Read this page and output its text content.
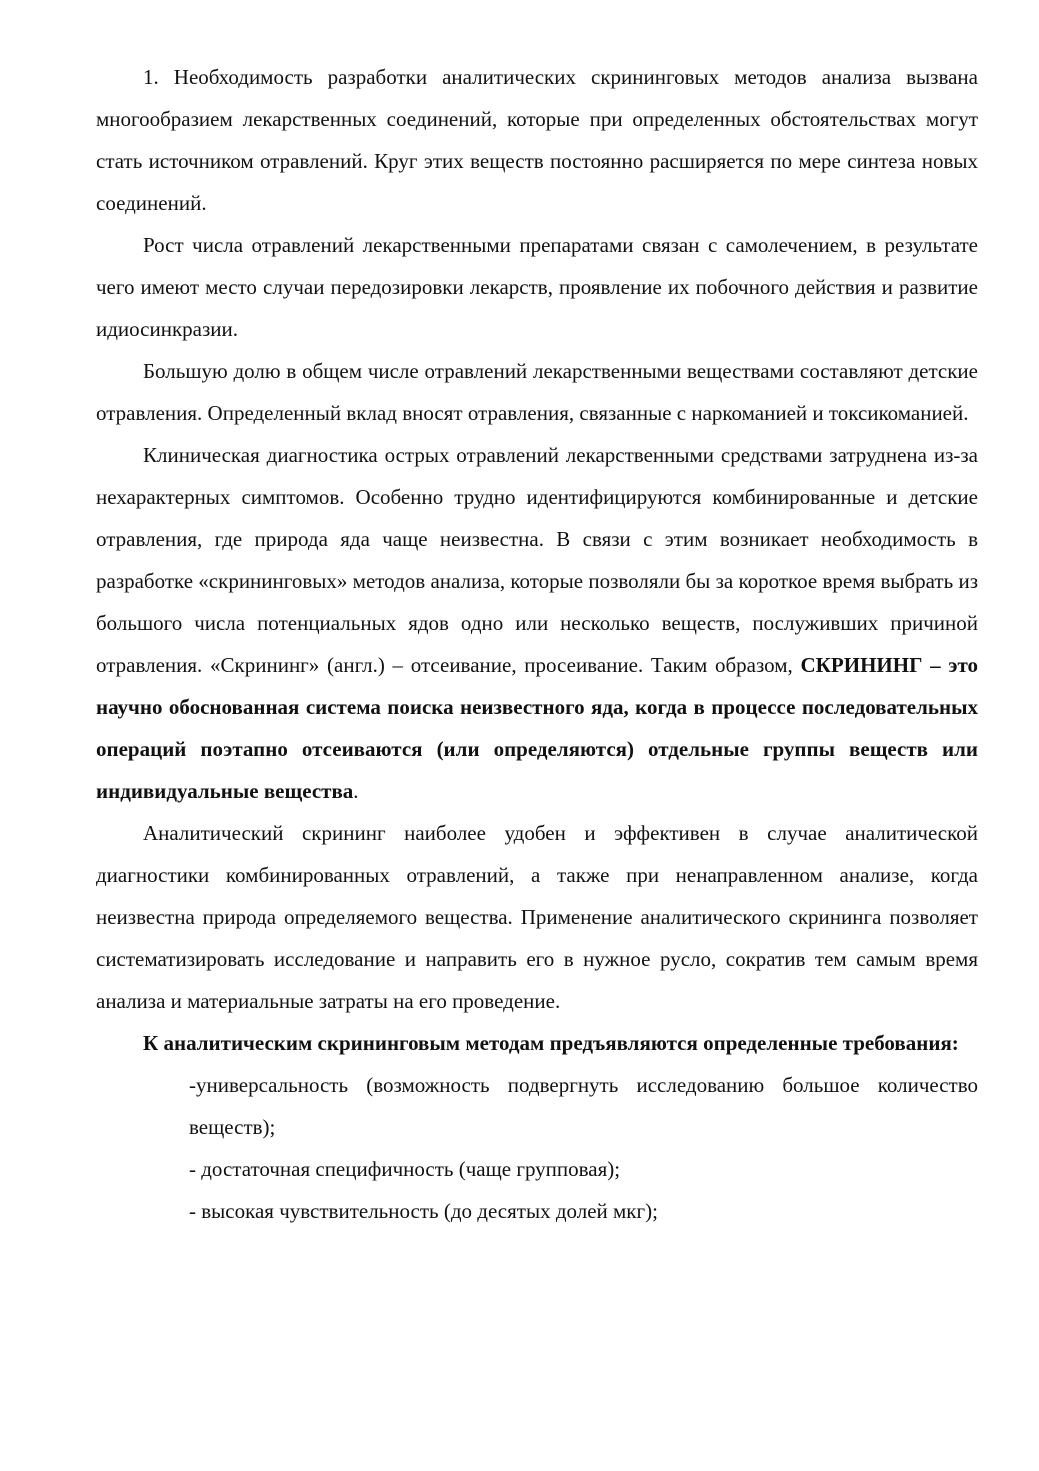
1. Необходимость разработки аналитических скрининговых методов анализа вызвана многообразием лекарственных соединений, которые при определенных обстоятельствах могут стать источником отравлений. Круг этих веществ постоянно расширяется по мере синтеза новых соединений.

Рост числа отравлений лекарственными препаратами связан с самолечением, в результате чего имеют место случаи передозировки лекарств, проявление их побочного действия и развитие идиосинкразии.

Большую долю в общем числе отравлений лекарственными веществами составляют детские отравления. Определенный вклад вносят отравления, связанные с наркоманией и токсикоманией.

Клиническая диагностика острых отравлений лекарственными средствами затруднена из-за нехарактерных симптомов. Особенно трудно идентифицируются комбинированные и детские отравления, где природа яда чаще неизвестна. В связи с этим возникает необходимость в разработке «скрининговых» методов анализа, которые позволяли бы за короткое время выбрать из большого числа потенциальных ядов одно или несколько веществ, послуживших причиной отравления. «Скрининг» (англ.) – отсеивание, просеивание. Таким образом, СКРИНИНГ – это научно обоснованная система поиска неизвестного яда, когда в процессе последовательных операций поэтапно отсеиваются (или определяются) отдельные группы веществ или индивидуальные вещества.

Аналитический скрининг наиболее удобен и эффективен в случае аналитической диагностики комбинированных отравлений, а также при ненаправленном анализе, когда неизвестна природа определяемого вещества. Применение аналитического скрининга позволяет систематизировать исследование и направить его в нужное русло, сократив тем самым время анализа и материальные затраты на его проведение.

К аналитическим скрининговым методам предъявляются определенные требования:

-универсальность (возможность подвергнуть исследованию большое количество веществ);
- достаточная специфичность (чаще групповая);
- высокая чувствительность (до десятых долей мкг);
